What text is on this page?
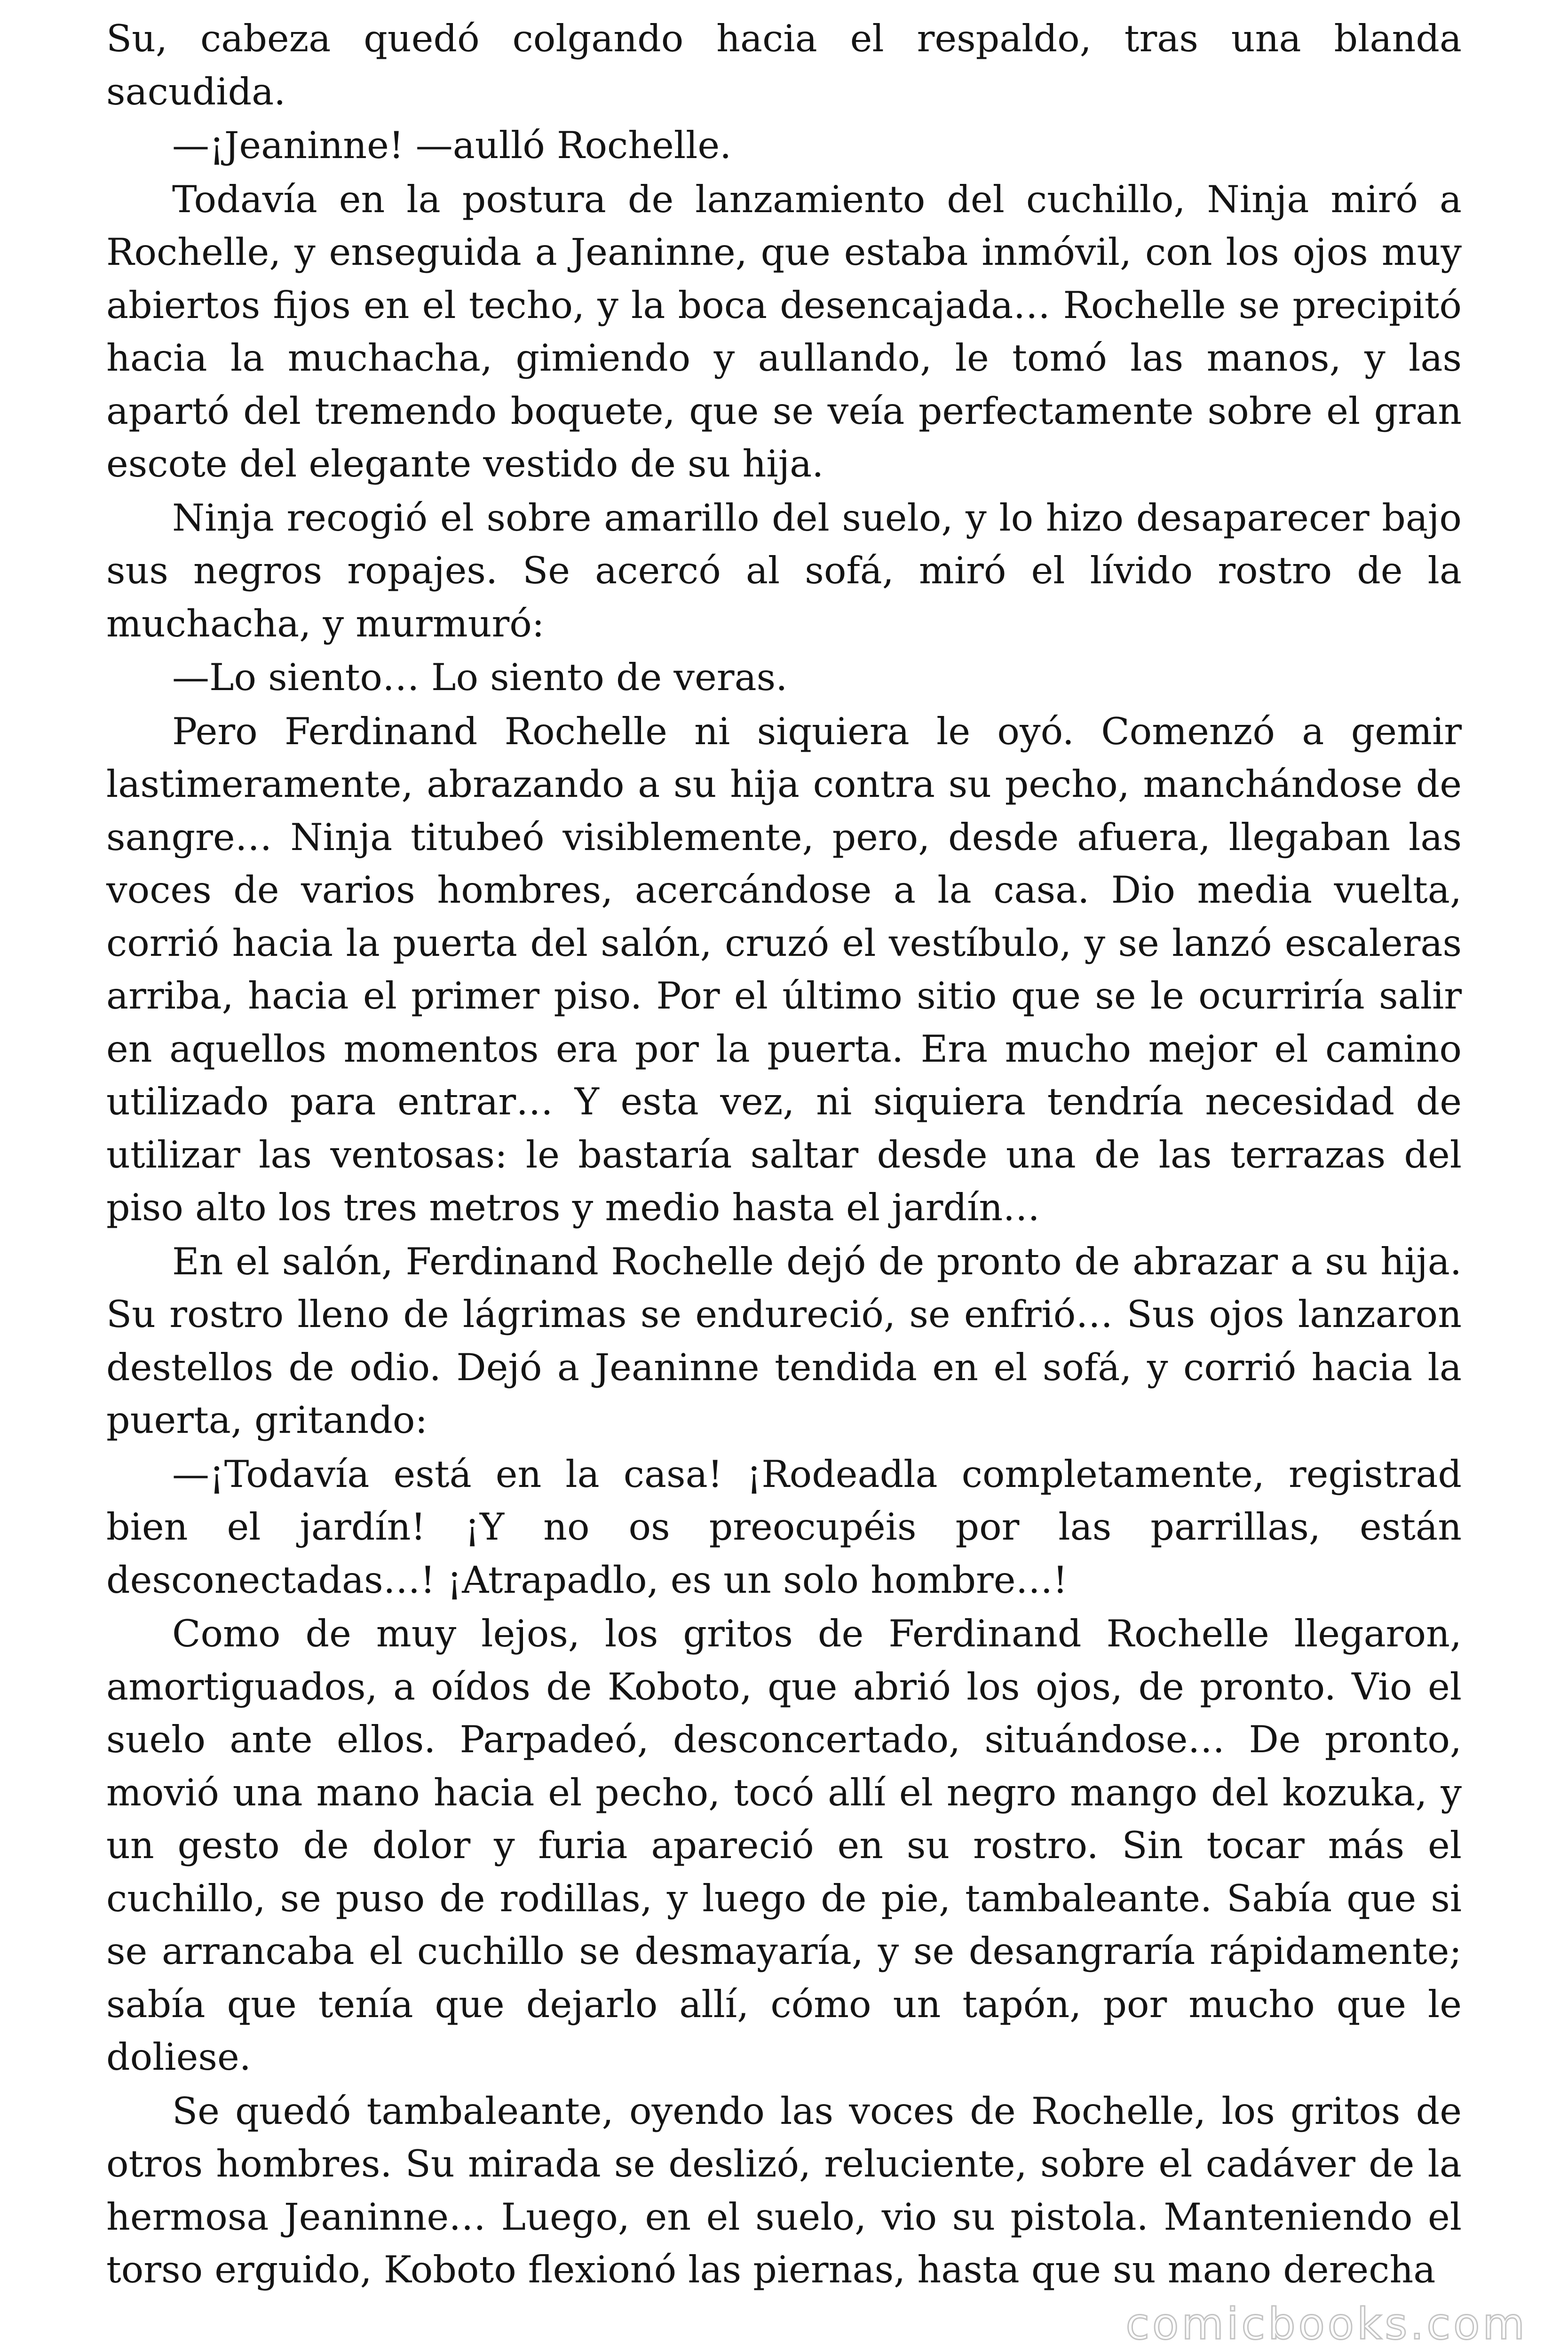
Su, cabeza quedó colgando hacia el respaldo, tras una blanda sacudida.

—¡Jeaninne! —aulló Rochelle.

Todavía en la postura de lanzamiento del cuchillo, Ninja miró a Rochelle, y enseguida a Jeaninne, que estaba inmóvil, con los ojos muy abiertos fijos en el techo, y la boca desencajada… Rochelle se precipitó hacia la muchacha, gimiendo y aullando, le tomó las manos, y las apartó del tremendo boquete, que se veía perfectamente sobre el gran escote del elegante vestido de su hija.

Ninja recogió el sobre amarillo del suelo, y lo hizo desaparecer bajo sus negros ropajes. Se acercó al sofá, miró el lívido rostro de la muchacha, y murmuró:

—Lo siento… Lo siento de veras.

Pero Ferdinand Rochelle ni siquiera le oyó. Comenzó a gemir lastimeramente, abrazando a su hija contra su pecho, manchándose de sangre… Ninja titubeó visiblemente, pero, desde afuera, llegaban las voces de varios hombres, acercándose a la casa. Dio media vuelta, corrió hacia la puerta del salón, cruzó el vestíbulo, y se lanzó escaleras arriba, hacia el primer piso. Por el último sitio que se le ocurriría salir en aquellos momentos era por la puerta. Era mucho mejor el camino utilizado para entrar… Y esta vez, ni siquiera tendría necesidad de utilizar las ventosas: le bastaría saltar desde una de las terrazas del piso alto los tres metros y medio hasta el jardín…

En el salón, Ferdinand Rochelle dejó de pronto de abrazar a su hija. Su rostro lleno de lágrimas se endureció, se enfrió… Sus ojos lanzaron destellos de odio. Dejó a Jeaninne tendida en el sofá, y corrió hacia la puerta, gritando:

—¡Todavía está en la casa! ¡Rodeadla completamente, registrad bien el jardín! ¡Y no os preocupéis por las parrillas, están desconectadas…! ¡Atrapadlo, es un solo hombre…!

Como de muy lejos, los gritos de Ferdinand Rochelle llegaron, amortiguados, a oídos de Koboto, que abrió los ojos, de pronto. Vio el suelo ante ellos. Parpadeó, desconcertado, situándose… De pronto, movió una mano hacia el pecho, tocó allí el negro mango del kozuka, y un gesto de dolor y furia apareció en su rostro. Sin tocar más el cuchillo, se puso de rodillas, y luego de pie, tambaleante. Sabía que si se arrancaba el cuchillo se desmayaría, y se desangraría rápidamente; sabía que tenía que dejarlo allí, cómo un tapón, por mucho que le doliese.

Se quedó tambaleante, oyendo las voces de Rochelle, los gritos de otros hombres. Su mirada se deslizó, reluciente, sobre el cadáver de la hermosa Jeaninne… Luego, en el suelo, vio su pistola. Manteniendo el torso erguido, Koboto flexionó las piernas, hasta que su mano derecha

comicbooks.com
